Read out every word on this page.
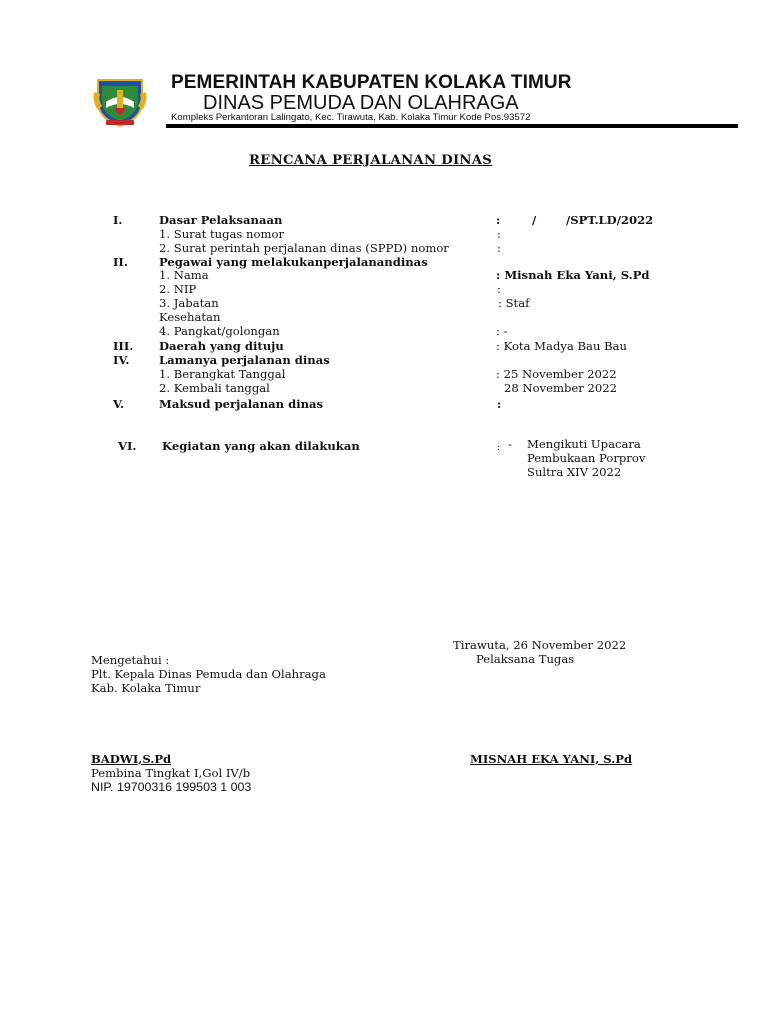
PEMERINTAH KABUPATEN KOLAKA TIMUR
DINAS PEMUDA DAN OLAHRAGA
Kompleks Perkantoran Lalingato, Kec. Tirawuta, Kab. Kolaka Timur Kode Pos.93572
RENCANA PERJALANAN DINAS
I.	Dasar Pelaksanaan	:	/	/SPT.LD/2022
1. Surat tugas nomor	:
2. Surat perintah perjalanan dinas (SPPD) nomor	:
II.	Pegawai yang melakukanperjalanandinas
1. Nama	: Misnah Eka Yani, S.Pd
2. NIP	:
3. Jabatan	: Staf
Kesehatan
4. Pangkat/golongan	: -
III. Daerah yang dituju	: Kota Madya Bau Bau
IV.	Lamanya perjalanan dinas
1. Berangkat Tanggal	: 25 November 2022
2. Kembali tanggal	28 November 2022
V.	Maksud perjalanan dinas	:
VI. Kegiatan yang akan dilakukan	: - Mengikuti Upacara
Pembukaan Porprov
Sultra XIV 2022
Tirawuta, 26 November 2022
Pelaksana Tugas
Mengetahui :
Plt. Kepala Dinas Pemuda dan Olahraga
Kab. Kolaka Timur
BADWI,S.Pd	MISNAH EKA YANI, S.Pd
Pembina Tingkat I,Gol IV/b
NIP. 19700316 199503 1 003
